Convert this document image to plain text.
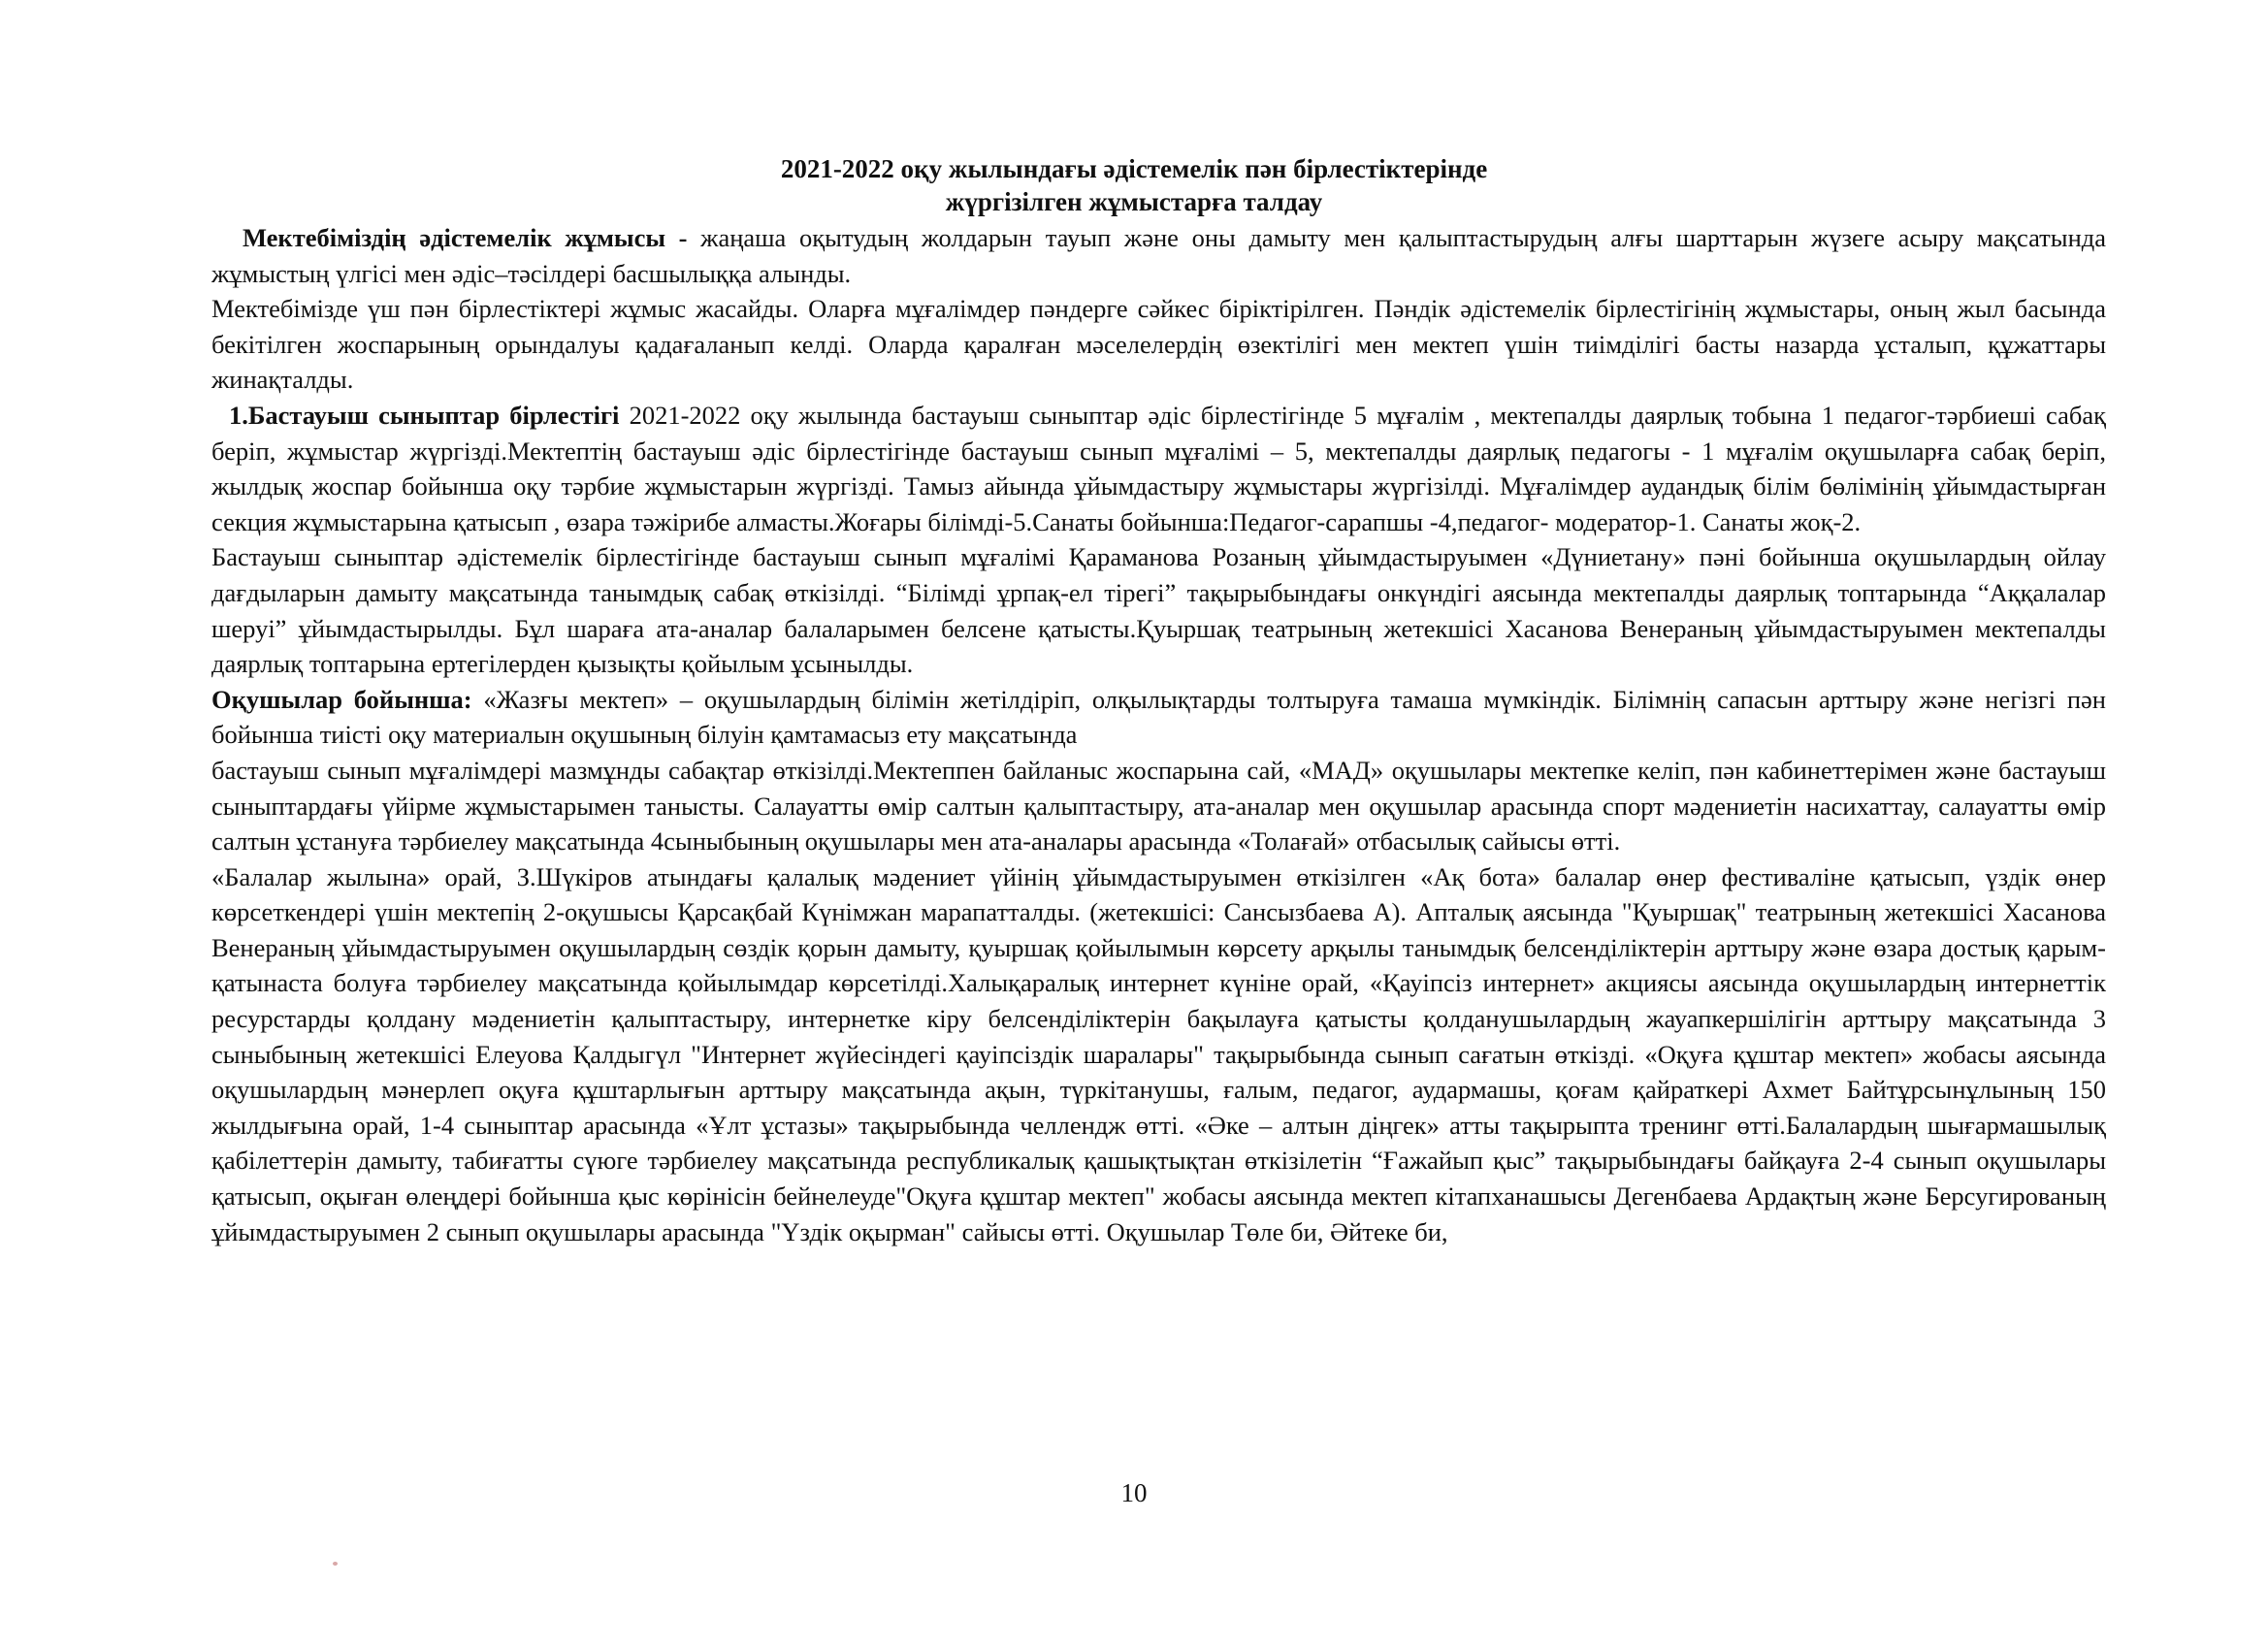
2021-2022 оқу жылындағы әдістемелік пән бірлестіктерінде
жүргізілген жұмыстарға талдау

Мектебіміздің әдістемелік жұмысы - жаңаша оқытудың жолдарын тауып және оны дамыту мен қалыптастырудың алғы шарттарын жүзеге асыру мақсатында жұмыстың үлгісі мен әдіс–тәсілдері басшылыққа алынды.

Мектебімізде үш пән бірлестіктері жұмыс жасайды. Оларға мұғалімдер пәндерге сәйкес біріктірілген. Пәндік әдістемелік бірлестігінің жұмыстары, оның жыл басында бекітілген жоспарының орындалуы қадағаланып келді. Оларда қаралған мәселелердің өзектілігі мен мектеп үшін тиімділігі басты назарда ұсталып, құжаттары жинақталды.

1.Бастауыш сыныптар бірлестігі 2021-2022 оқу жылында бастауыш сыныптар әдіс бірлестігінде 5 мұғалім , мектепалды даярлық тобына 1 педагог-тәрбиеші сабақ беріп, жұмыстар жүргізді.Мектептің бастауыш әдіс бірлестігінде бастауыш сынып мұғалімі – 5, мектепалды даярлық педагогы - 1 мұғалім оқушыларға сабақ беріп, жылдық жоспар бойынша оқу тәрбие жұмыстарын жүргізді. Тамыз айында ұйымдастыру жұмыстары жүргізілді. Мұғалімдер аудандық білім бөлімінің ұйымдастырған секция жұмыстарына қатысып , өзара тәжірибе алмасты.Жоғары білімді-5.Санаты бойынша:Педагог-сарапшы -4,педагог- модератор-1. Санаты жоқ-2.

Бастауыш сыныптар әдістемелік бірлестігінде бастауыш сынып мұғалімі Қараманова Розаның ұйымдастыруымен «Дүниетану» пәні бойынша оқушылардың ойлау дағдыларын дамыту мақсатында танымдық сабақ өткізілді. “Білімді ұрпақ-ел тірегі” тақырыбындағы онкүндігі аясында мектепалды даярлық топтарында “Аққалалар шеруі” ұйымдастырылды. Бұл шараға ата-аналар балаларымен белсене қатысты.Қуыршақ театрының жетекшісі Хасанова Венераның ұйымдастыруымен мектепалды даярлық топтарына ертегілерден қызықты қойылым ұсынылды.

Оқушылар бойынша: «Жазғы мектеп» – оқушылардың білімін жетілдіріп, олқылықтарды толтыруға тамаша мүмкіндік. Білімнің сапасын арттыру және негізгі пән бойынша тиісті оқу материалын оқушының білуін қамтамасыз ету мақсатында

бастауыш сынып мұғалімдері мазмұнды сабақтар өткізілді.Мектеппен байланыс жоспарына сай, «МАД» оқушылары мектепке келіп, пән кабинеттерімен және бастауыш сыныптардағы үйірме жұмыстарымен танысты. Салауатты өмір салтын қалыптастыру, ата-аналар мен оқушылар арасында спорт мәдениетін насихаттау, салауатты өмір салтын ұстануға тәрбиелеу мақсатында 4сыныбының оқушылары мен ата-аналары арасында «Толағай» отбасылық сайысы өтті.

«Балалар жылына» орай, З.Шүкіров атындағы қалалық мәдениет үйінің ұйымдастыруымен өткізілген «Ақ бота» балалар өнер фестиваліне қатысып, үздік өнер көрсеткендері үшін мектепің 2-оқушысы Қарсақбай Күнімжан марапатталды. (жетекшісі: Сансызбаева А). Апталық аясында "Қуыршақ" театрының жетекшісі Хасанова Венераның ұйымдастыруымен оқушылардың сөздік қорын дамыту, қуыршақ қойылымын көрсету арқылы танымдық белсенділіктерін арттыру және өзара достық қарым-қатынаста болуға тәрбиелеу мақсатында қойылымдар көрсетілді.Халықаралық интернет күніне орай, «Қауіпсіз интернет» акциясы аясында оқушылардың интернеттік ресурстарды қолдану мәдениетін қалыптастыру, интернетке кіру белсенділіктерін бақылауға қатысты қолданушылардың жауапкершілігін арттыру мақсатында 3 сыныбының жетекшісі Елеуова Қалдыгүл "Интернет жүйесіндегі қауіпсіздік шаралары" тақырыбында сынып сағатын өткізді. «Оқуға құштар мектеп» жобасы аясында оқушылардың мәнерлеп оқуға құштарлығын арттыру мақсатында ақын, түркітанушы, ғалым, педагог, аудармашы, қоғам қайраткері Ахмет Байтұрсынұлының 150 жылдығына орай, 1-4 сыныптар арасында «Ұлт ұстазы» тақырыбында челлендж өтті. «Әке – алтын діңгек» атты тақырыпта тренинг өтті.Балалардың шығармашылық қабілеттерін дамыту, табиғатты сүюге тәрбиелеу мақсатында республикалық қашықтықтан өткізілетін “Ғажайып қыс” тақырыбындағы байқауға 2-4 сынып оқушылары қатысып, оқыған өлеңдері бойынша қыс көрінісін бейнелеуде"Оқуға құштар мектеп" жобасы аясында мектеп кітапханашысы Дегенбаева Ардақтың және Берсугированың ұйымдастыруымен 2 сынып оқушылары арасында "Үздік оқырман" сайысы өтті. Оқушылар Төле би, Әйтеке би,

10
